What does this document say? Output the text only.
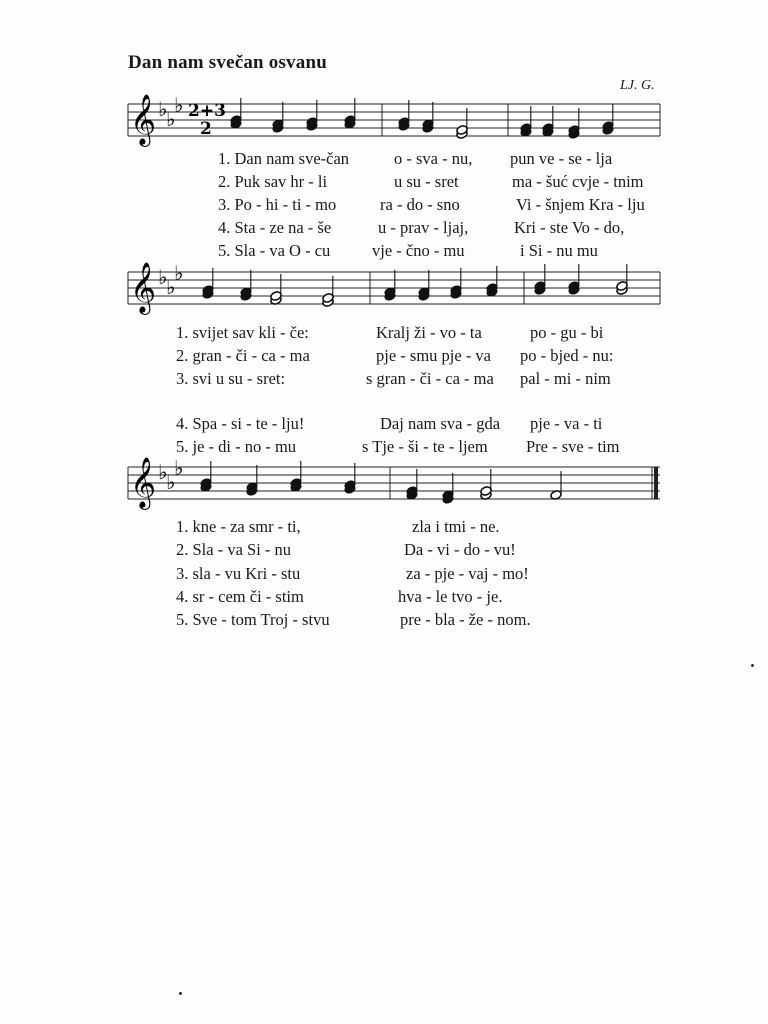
Dan nam svečan osvanu
LJ. G.
𝄞 ♭
♭
♭ 2+3
2
𝄞 ♭
♭
♭
𝄞 ♭
♭
♭
1. Dan nam sve-čan	o - sva - nu, pun ve - se - lja
2. Puk sav hr - li	u su - sret	ma - šuć cvje - tnim
3. Po - hi - ti - mo	ra - do - sno	Vi - šnjem Kra - lju
4. Sta - ze na - še	u - prav - ljaj,	Kri - ste Vo - do,
5. Sla - va O - cu	vje - čno - mu	i Si - nu mu
1. svijet sav kli - če:	Kralj ži - vo - ta	po - gu - bi
2. gran - či - ca - ma	pje - smu pje - va po - bjed - nu:
3. svi u su - sret:	s gran - či - ca - ma pal - mi - nim
4. Spa - si - te - lju!	Daj nam sva - gda pje - va - ti
5. je - di - no - mu	s Tje - ši - te - ljem Pre - sve - tim
1. kne - za smr - ti,	zla i tmi - ne.
2. Sla - va Si - nu	Da - vi - do - vu!
3. sla - vu Kri - stu	za - pje - vaj - mo!
4. sr - cem či - stim	hva - le tvo - je.
5. Sve - tom Troj - stvu	pre - bla - že - nom.
